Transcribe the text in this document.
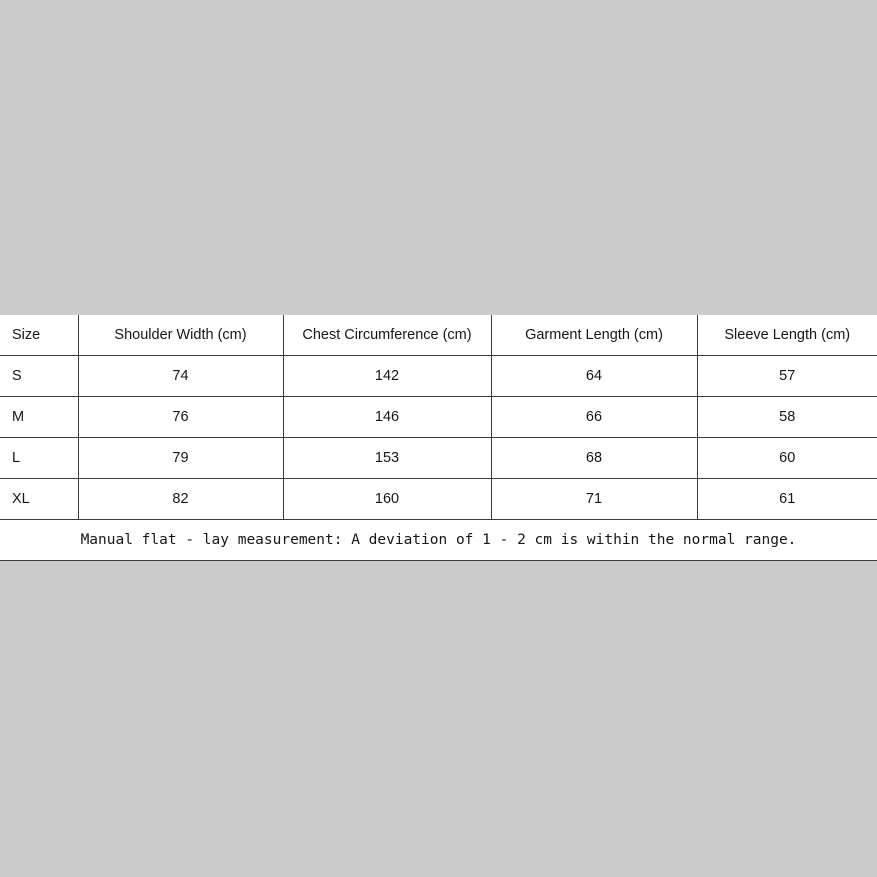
Size	Shoulder Width (cm)	Chest Circumference (cm)	Garment Length (cm)	Sleeve Length (cm)
S	74	142	64	57
M	76	146	66	58
L	79	153	68	60
XL	82	160	71	61
Manual flat - lay measurement: A deviation of 1 - 2 cm is within the normal range.				
